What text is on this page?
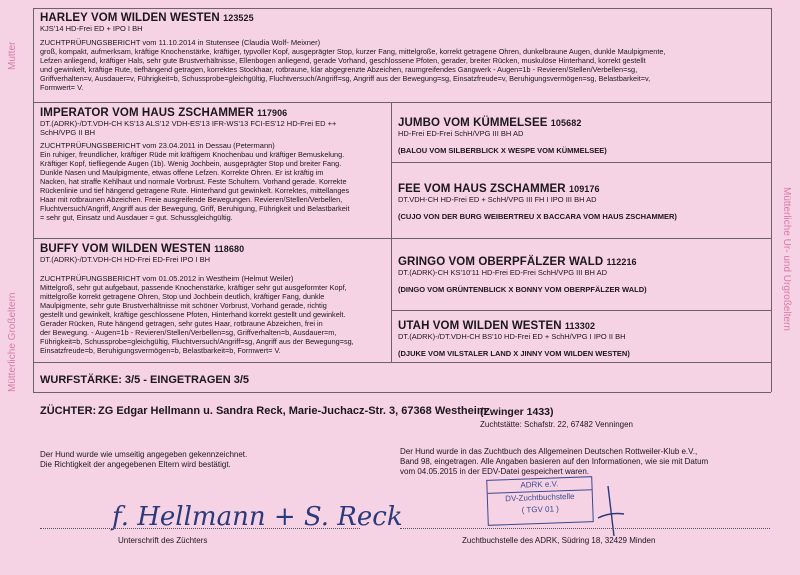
Mutter
Mütterliche Großeltern
Mütterliche Ur- und Urgroßeltern
HARLEY VOM WILDEN WESTEN 123525
KJS'14 HD-Frei ED + IPO I BH
ZUCHTPRÜFUNGSBERICHT vom 11.10.2014 in Stutensee (Claudia Wolf- Meixner)
groß, kompakt, aufmerksam, kräftige Knochenstärke, kräftiger, typvoller Kopf, ausgeprägter Stop, kurzer Fang, mittelgroße, korrekt getragene Ohren, dunkelbraune Augen, dunkle Maulpigmente,
Lefzen anliegend, kräftiger Hals, sehr gute Brustverhältnisse, Ellenbogen anliegend, gerade Vorhand, geschlossene Pfoten, gerader, breiter Rücken, muskulöse Hinterhand, korrekt gestellt
und gewinkelt, kräftige Rute, tiefhängend getragen, korrektes Stockhaar, rotbraune, klar abgegrenzte Abzeichen, raumgreifendes Gangwerk - Augen=1b - Revieren/Stellen/Verbellen=sg,
Griffverhalten=v, Ausdauer=v, Führigkeit=b, Schussprobe=gleichgültig, Fluchtversuch/Angriff=sg, Angriff aus der Bewegung=sg, Einsatzfreude=v, Beruhigungsvermögen=sg, Belastbarkeit=v,
Formwert= V.
IMPERATOR VOM HAUS ZSCHAMMER 117906
DT.(ADRK)-/DT.VDH-CH KS'13 ALS'12 VDH-ES'13 IFR-WS'13 FCI-ES'12 HD-Frei ED ++
SchH/VPG II BH
ZUCHTPRÜFUNGSBERICHT vom 23.04.2011 in Dessau (Petermann)
Ein ruhiger, freundlicher, kräftiger Rüde mit kräftigem Knochenbau und kräftiger Bemuskelung.
Kräftiger Kopf, tiefliegende Augen (1b). Wenig Jochbein, ausgeprägter Stop und breiter Fang.
Dunkle Nasen und Maulpigmente, etwas offene Lefzen. Korrekte Ohren. Er ist kräftig im
Nacken, hat straffe Kehlhaut und normale Vorbrust. Feste Schultern. Vorhand gerade. Korrekte
Rückenlinie und tief hängend getragene Rute. Hinterhand gut gewinkelt. Korrektes, mittellanges
Haar mit rotbraunen Abzeichen. Freie ausgreifende Bewegungen. Revieren/Stellen/Verbellen,
Fluchtversuch/Angriff, Angriff aus der Bewegung, Griff, Beruhigung, Führigkeit und Belastbarkeit
= sehr gut, Einsatz und Ausdauer = gut. Schussgleichgültig.
BUFFY VOM WILDEN WESTEN 118680
DT.(ADRK)-/DT.VDH-CH HD-Frei ED-Frei IPO I BH
ZUCHTPRÜFUNGSBERICHT vom 01.05.2012 in Westheim (Helmut Weiler)
Mittelgroß, sehr gut aufgebaut, passende Knochenstärke, kräftiger sehr gut ausgeformter Kopf,
mittelgroße korrekt getragene Ohren, Stop und Jochbein deutlich, kräftiger Fang, dunkle
Maulpigmente, sehr gute Brustverhältnisse mit schöner Vorbrust, Vorhand gerade, richtig
gestellt und gewinkelt, kräftige geschlossene Pfoten, Hinterhand korrekt gestellt und gewinkelt.
Gerader Rücken, Rute hängend getragen, sehr gutes Haar, rotbraune Abzeichen, frei in
der Bewegung. - Augen=1b - Revieren/Stellen/Verbellen=sg, Griffverhalten=b, Ausdauer=m,
Führigkeit=b, Schussprobe=gleichgültig, Fluchtversuch/Angriff=sg, Angriff aus der Bewegung=sg,
Einsatzfreude=b, Beruhigungsvermögen=b, Belastbarkeit=b, Formwert= V.
JUMBO VOM KÜMMELSEE 105682
HD-Frei ED-Frei SchH/VPG III BH AD
(BALOU VOM SILBERBLICK X WESPE VOM KÜMMELSEE)
FEE VOM HAUS ZSCHAMMER 109176
DT.VDH-CH HD-Frei ED + SchH/VPG III FH I IPO III BH AD
(CUJO VON DER BURG WEIBERTREU X BACCARA VOM HAUS ZSCHAMMER)
GRINGO VOM OBERPFÄLZER WALD 112216
DT.(ADRK)-CH KS'10'11 HD-Frei ED-Frei SchH/VPG III BH AD
(DINGO VOM GRÜNTENBLICK X BONNY VOM OBERPFÄLZER WALD)
UTAH VOM WILDEN WESTEN 113302
DT.(ADRK)-/DT.VDH-CH BS'10 HD-Frei ED + SchH/VPG I IPO II BH
(DJUKE VOM VILSTALER LAND X JINNY VOM WILDEN WESTEN)
WURFSTÄRKE: 3/5 - EINGETRAGEN 3/5
ZÜCHTER: ZG Edgar Hellmann u. Sandra Reck, Marie-Juchacz-Str. 3, 67368 Westheim
(Zwinger 1433)
Zuchtstätte: Schafstr. 22, 67482 Venningen
Der Hund wurde wie umseitig angegeben gekennzeichnet.
Die Richtigkeit der angegebenen Eltern wird bestätigt.
Der Hund wurde in das Zuchtbuch des Allgemeinen Deutschen Rottweiler-Klub e.V.,
Band 98, eingetragen. Alle Angaben basieren auf den Informationen, wie sie mit Datum
vom 04.05.2015 in der EDV-Datei gespeichert waren.
ADRK e.V.
DV-Zuchtbuchstelle
( TGV 01 )
f. Hellmann + S. Reck
Unterschrift des Züchters	Zuchtbuchstelle des ADRK, Südring 18, 32429 Minden
